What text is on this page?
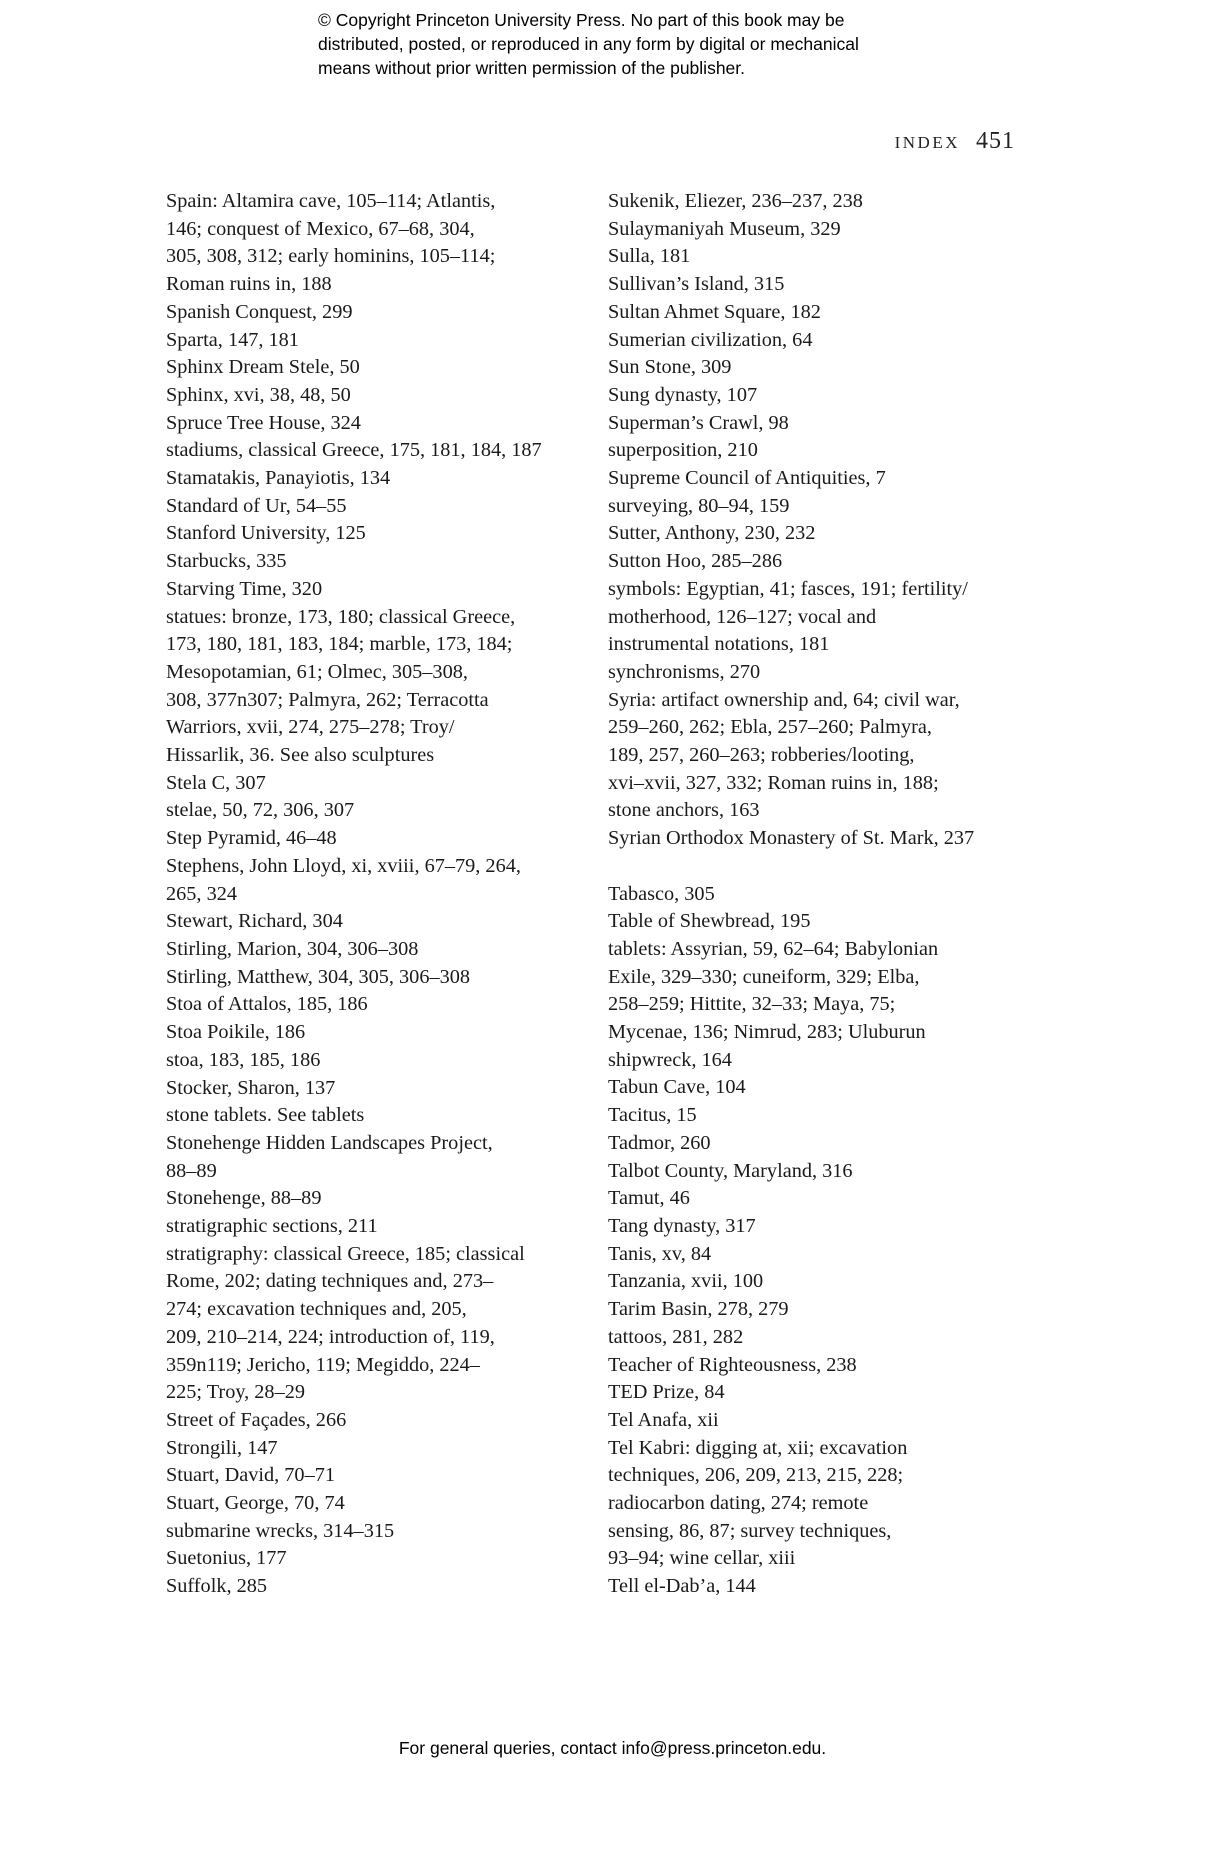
© Copyright Princeton University Press. No part of this book may be
distributed, posted, or reproduced in any form by digital or mechanical
means without prior written permission of the publisher.
INDEX 451
Spain: Altamira cave, 105–114; Atlantis,
146; conquest of Mexico, 67–68, 304,
305, 308, 312; early hominins, 105–114;
Roman ruins in, 188
Spanish Conquest, 299
Sparta, 147, 181
Sphinx Dream Stele, 50
Sphinx, xvi, 38, 48, 50
Spruce Tree House, 324
stadiums, classical Greece, 175, 181, 184, 187
Stamatakis, Panayiotis, 134
Standard of Ur, 54–55
Stanford University, 125
Starbucks, 335
Starving Time, 320
statues: bronze, 173, 180; classical Greece,
173, 180, 181, 183, 184; marble, 173, 184;
Mesopotamian, 61; Olmec, 305–308,
308, 377n307; Palmyra, 262; Terracotta
Warriors, xvii, 274, 275–278; Troy/
Hissarlik, 36. See also sculptures
Stela C, 307
stelae, 50, 72, 306, 307
Step Pyramid, 46–48
Stephens, John Lloyd, xi, xviii, 67–79, 264,
265, 324
Stewart, Richard, 304
Stirling, Marion, 304, 306–308
Stirling, Matthew, 304, 305, 306–308
Stoa of Attalos, 185, 186
Stoa Poikile, 186
stoa, 183, 185, 186
Stocker, Sharon, 137
stone tablets. See tablets
Stonehenge Hidden Landscapes Project,
88–89
Stonehenge, 88–89
stratigraphic sections, 211
stratigraphy: classical Greece, 185; classical
Rome, 202; dating techniques and, 273–
274; excavation techniques and, 205,
209, 210–214, 224; introduction of, 119,
359n119; Jericho, 119; Megiddo, 224–
225; Troy, 28–29
Street of Façades, 266
Strongili, 147
Stuart, David, 70–71
Stuart, George, 70, 74
submarine wrecks, 314–315
Suetonius, 177
Suffolk, 285
Sukenik, Eliezer, 236–237, 238
Sulaymaniyah Museum, 329
Sulla, 181
Sullivan’s Island, 315
Sultan Ahmet Square, 182
Sumerian civilization, 64
Sun Stone, 309
Sung dynasty, 107
Superman’s Crawl, 98
superposition, 210
Supreme Council of Antiquities, 7
surveying, 80–94, 159
Sutter, Anthony, 230, 232
Sutton Hoo, 285–286
symbols: Egyptian, 41; fasces, 191; fertility/
motherhood, 126–127; vocal and
instrumental notations, 181
synchronisms, 270
Syria: artifact ownership and, 64; civil war,
259–260, 262; Ebla, 257–260; Palmyra,
189, 257, 260–263; robberies/looting,
xvi–xvii, 327, 332; Roman ruins in, 188;
stone anchors, 163
Syrian Orthodox Monastery of St. Mark, 237
Tabasco, 305
Table of Shewbread, 195
tablets: Assyrian, 59, 62–64; Babylonian
Exile, 329–330; cuneiform, 329; Elba,
258–259; Hittite, 32–33; Maya, 75;
Mycenae, 136; Nimrud, 283; Uluburun
shipwreck, 164
Tabun Cave, 104
Tacitus, 15
Tadmor, 260
Talbot County, Maryland, 316
Tamut, 46
Tang dynasty, 317
Tanis, xv, 84
Tanzania, xvii, 100
Tarim Basin, 278, 279
tattoos, 281, 282
Teacher of Righteousness, 238
TED Prize, 84
Tel Anafa, xii
Tel Kabri: digging at, xii; excavation
techniques, 206, 209, 213, 215, 228;
radiocarbon dating, 274; remote
sensing, 86, 87; survey techniques,
93–94; wine cellar, xiii
Tell el-Dab’a, 144
For general queries, contact info@press.princeton.edu.
